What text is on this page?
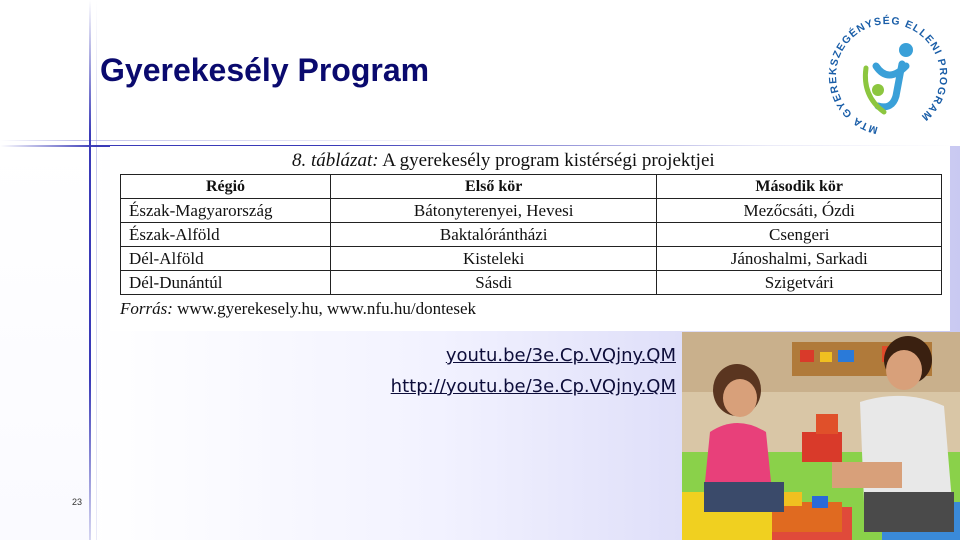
Gyerekesély Program
MTA GYEREKSZEGÉNYSÉG ELLENI PROGRAM
8. táblázat: A gyerekesély program kistérségi projektjei
Régió	Első kör	Második kör
Észak-Magyarország	Bátonyterenyei, Hevesi	Mezőcsáti, Ózdi
Észak-Alföld	Baktalórántházi	Csengeri
Dél-Alföld	Kisteleki	Jánoshalmi, Sarkadi
Dél-Dunántúl	Sásdi	Szigetvári
Forrás: www.gyerekesely.hu, www.nfu.hu/dontesek
youtu.be/3e.Cp.VQjny.QM
http://youtu.be/3e.Cp.VQjny.QM
23
